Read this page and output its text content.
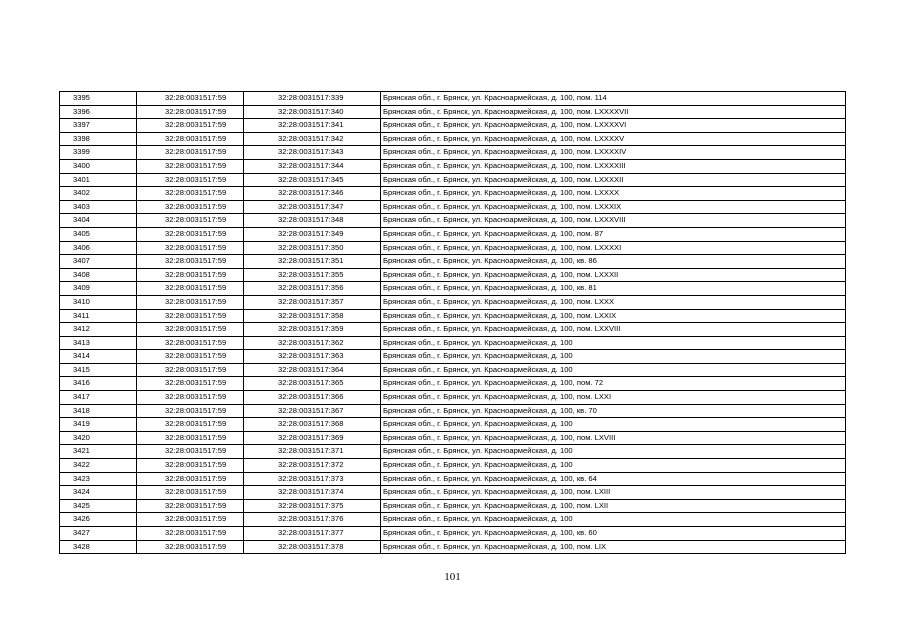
3395	32:28:0031517:59	32:28:0031517:339	Брянская обл., г. Брянск, ул. Красноармейская, д. 100, пом. 114
3396	32:28:0031517:59	32:28:0031517:340	Брянская обл., г. Брянск, ул. Красноармейская, д. 100, пом. LXXXXVII
3397	32:28:0031517:59	32:28:0031517:341	Брянская обл., г. Брянск, ул. Красноармейская, д. 100, пом. LXXXXVI
3398	32:28:0031517:59	32:28:0031517:342	Брянская обл., г. Брянск, ул. Красноармейская, д. 100, пом. LXXXXV
3399	32:28:0031517:59	32:28:0031517:343	Брянская обл., г. Брянск, ул. Красноармейская, д. 100, пом. LXXXXIV
3400	32:28:0031517:59	32:28:0031517:344	Брянская обл., г. Брянск, ул. Красноармейская, д. 100, пом. LXXXXIII
3401	32:28:0031517:59	32:28:0031517:345	Брянская обл., г. Брянск, ул. Красноармейская, д. 100, пом. LXXXXII
3402	32:28:0031517:59	32:28:0031517:346	Брянская обл., г. Брянск, ул. Красноармейская, д. 100, пом. LXXXX
3403	32:28:0031517:59	32:28:0031517:347	Брянская обл., г. Брянск, ул. Красноармейская, д. 100, пом. LXXXIX
3404	32:28:0031517:59	32:28:0031517:348	Брянская обл., г. Брянск, ул. Красноармейская, д. 100, пом. LXXXVIII
3405	32:28:0031517:59	32:28:0031517:349	Брянская обл., г. Брянск, ул. Красноармейская, д. 100, пом. 87
3406	32:28:0031517:59	32:28:0031517:350	Брянская обл., г. Брянск, ул. Красноармейская, д. 100, пом. LXXXXI
3407	32:28:0031517:59	32:28:0031517:351	Брянская обл., г. Брянск, ул. Красноармейская, д. 100, кв. 86
3408	32:28:0031517:59	32:28:0031517:355	Брянская обл., г. Брянск, ул. Красноармейская, д. 100, пом. LXXXII
3409	32:28:0031517:59	32:28:0031517:356	Брянская обл., г. Брянск, ул. Красноармейская, д. 100, кв. 81
3410	32:28:0031517:59	32:28:0031517:357	Брянская обл., г. Брянск, ул. Красноармейская, д. 100, пом. LXXX
3411	32:28:0031517:59	32:28:0031517:358	Брянская обл., г. Брянск, ул. Красноармейская, д. 100, пом. LXXIX
3412	32:28:0031517:59	32:28:0031517:359	Брянская обл., г. Брянск, ул. Красноармейская, д. 100, пом. LXXVIII
3413	32:28:0031517:59	32:28:0031517:362	Брянская обл., г. Брянск, ул. Красноармейская, д. 100
3414	32:28:0031517:59	32:28:0031517:363	Брянская обл., г. Брянск, ул. Красноармейская, д. 100
3415	32:28:0031517:59	32:28:0031517:364	Брянская обл., г. Брянск, ул. Красноармейская, д. 100
3416	32:28:0031517:59	32:28:0031517:365	Брянская обл., г. Брянск, ул. Красноармейская, д. 100, пом. 72
3417	32:28:0031517:59	32:28:0031517:366	Брянская обл., г. Брянск, ул. Красноармейская, д. 100, пом. LXXI
3418	32:28:0031517:59	32:28:0031517:367	Брянская обл., г. Брянск, ул. Красноармейская, д. 100, кв. 70
3419	32:28:0031517:59	32:28:0031517:368	Брянская обл., г. Брянск, ул. Красноармейская, д. 100
3420	32:28:0031517:59	32:28:0031517:369	Брянская обл., г. Брянск, ул. Красноармейская, д. 100, пом. LXVIII
3421	32:28:0031517:59	32:28:0031517:371	Брянская обл., г. Брянск, ул. Красноармейская, д. 100
3422	32:28:0031517:59	32:28:0031517:372	Брянская обл., г. Брянск, ул. Красноармейская, д. 100
3423	32:28:0031517:59	32:28:0031517:373	Брянская обл., г. Брянск, ул. Красноармейская, д. 100, кв. 64
3424	32:28:0031517:59	32:28:0031517:374	Брянская обл., г. Брянск, ул. Красноармейская, д. 100, пом. LXIII
3425	32:28:0031517:59	32:28:0031517:375	Брянская обл., г. Брянск, ул. Красноармейская, д. 100, пом. LXII
3426	32:28:0031517:59	32:28:0031517:376	Брянская обл., г. Брянск, ул. Красноармейская, д. 100
3427	32:28:0031517:59	32:28:0031517:377	Брянская обл., г. Брянск, ул. Красноармейская, д. 100, кв. 60
3428	32:28:0031517:59	32:28:0031517:378	Брянская обл., г. Брянск, ул. Красноармейская, д. 100, пом. LIX
101
